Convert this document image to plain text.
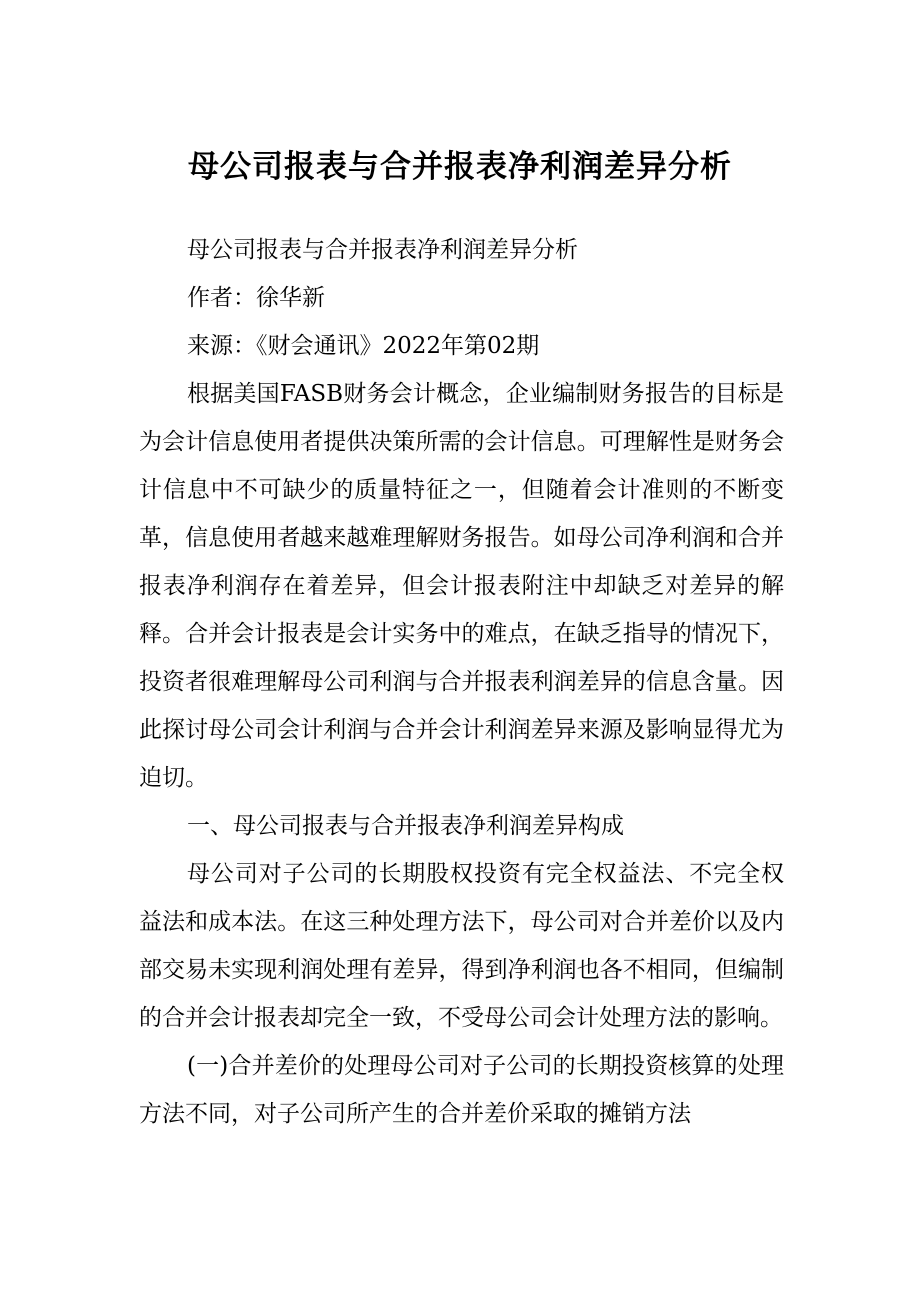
母公司报表与合并报表净利润差异分析

母公司报表与合并报表净利润差异分析

作者：徐华新

来源：《财会通讯》2022年第02期

根据美国FASB财务会计概念，企业编制财务报告的目标是为会计信息使用者提供决策所需的会计信息。可理解性是财务会计信息中不可缺少的质量特征之一，但随着会计准则的不断变革，信息使用者越来越难理解财务报告。如母公司净利润和合并报表净利润存在着差异，但会计报表附注中却缺乏对差异的解释。合并会计报表是会计实务中的难点，在缺乏指导的情况下，投资者很难理解母公司利润与合并报表利润差异的信息含量。因此探讨母公司会计利润与合并会计利润差异来源及影响显得尤为迫切。

一、母公司报表与合并报表净利润差异构成

母公司对子公司的长期股权投资有完全权益法、不完全权益法和成本法。在这三种处理方法下，母公司对合并差价以及内部交易未实现利润处理有差异，得到净利润也各不相同，但编制的合并会计报表却完全一致，不受母公司会计处理方法的影响。

(一)合并差价的处理母公司对子公司的长期投资核算的处理方法不同，对子公司所产生的合并差价采取的摊销方法
